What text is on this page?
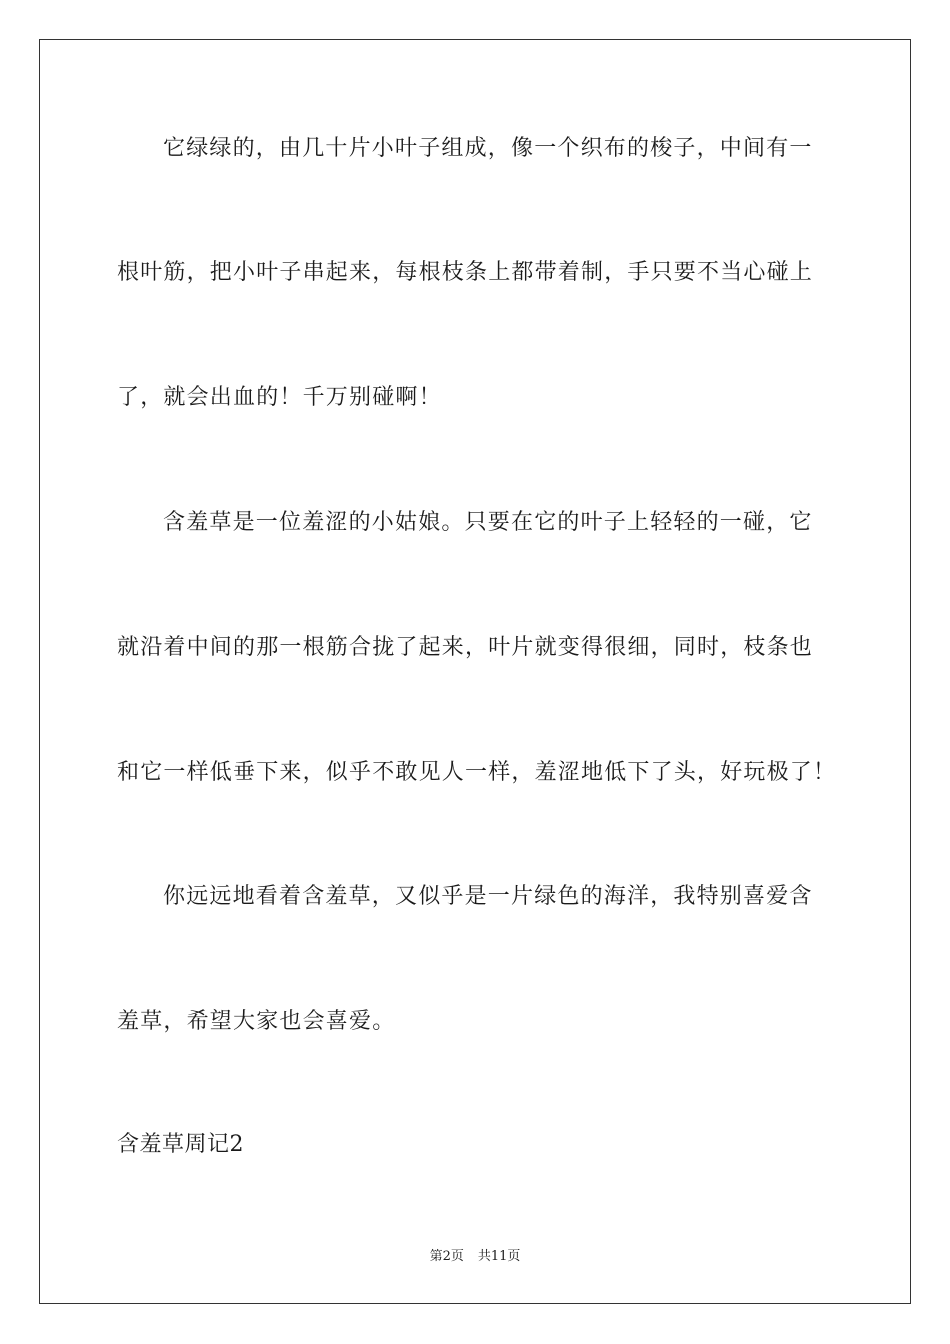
它绿绿的，由几十片小叶子组成，像一个织布的梭子，中间有一
根叶筋，把小叶子串起来，每根枝条上都带着制，手只要不当心碰上
了，就会出血的！千万别碰啊！
含羞草是一位羞涩的小姑娘。只要在它的叶子上轻轻的一碰，它
就沿着中间的那一根筋合拢了起来，叶片就变得很细，同时，枝条也
和它一样低垂下来，似乎不敢见人一样，羞涩地低下了头，好玩极了！
你远远地看着含羞草，又似乎是一片绿色的海洋，我特别喜爱含
羞草，希望大家也会喜爱。
含羞草周记2
第2页 共11页
